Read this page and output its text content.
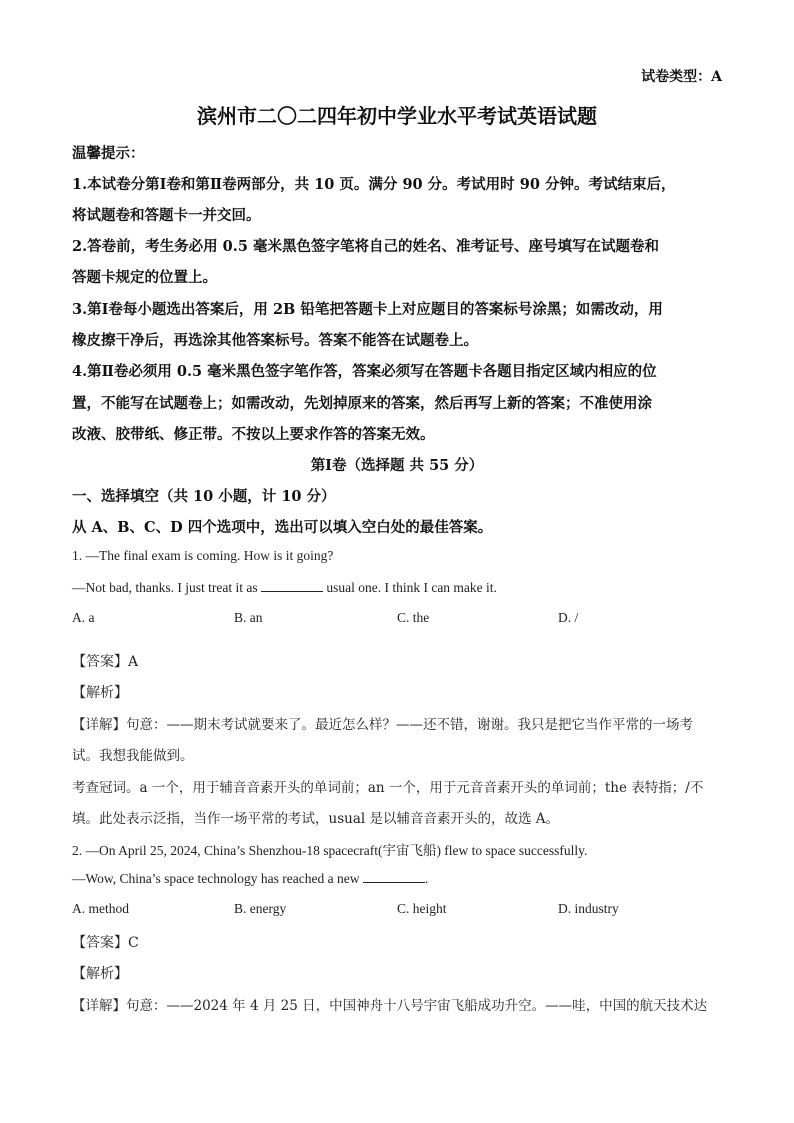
试卷类型：A
滨州市二〇二四年初中学业水平考试英语试题
温馨提示：
1.本试卷分第Ⅰ卷和第Ⅱ卷两部分，共 10 页。满分 90 分。考试用时 90 分钟。考试结束后，
将试题卷和答题卡一并交回。
2.答卷前，考生务必用 0.5 毫米黑色签字笔将自己的姓名、准考证号、座号填写在试题卷和
答题卡规定的位置上。
3.第Ⅰ卷每小题选出答案后，用 2B 铅笔把答题卡上对应题目的答案标号涂黑；如需改动，用
橡皮擦干净后，再选涂其他答案标号。答案不能答在试题卷上。
4.第Ⅱ卷必须用 0.5 毫米黑色签字笔作答，答案必须写在答题卡各题目指定区域内相应的位
置，不能写在试题卷上；如需改动，先划掉原来的答案，然后再写上新的答案；不准使用涂
改液、胶带纸、修正带。不按以上要求作答的答案无效。
第Ⅰ卷（选择题 共 55 分）
一、选择填空（共 10 小题，计 10 分）
从 A、B、C、D 四个选项中，选出可以填入空白处的最佳答案。
1. —The final exam is coming. How is it going?
—Not bad, thanks. I just treat it as	usual one. I think I can make it.
A. a	B. an	C. the	D. /
【答案】A
【解析】
【详解】句意：——期末考试就要来了。最近怎么样？——还不错，谢谢。我只是把它当作平常的一场考
试。我想我能做到。
考查冠词。a 一个，用于辅音音素开头的单词前；an 一个，用于元音音素开头的单词前；the 表特指；/不
填。此处表示泛指，当作一场平常的考试，usual 是以辅音音素开头的，故选 A。
2. —On April 25, 2024, China’s Shenzhou-18 spacecraft(宇宙飞船) flew to space successfully.
—Wow, China’s space technology has reached a new	.
A. method	B. energy	C. height	D. industry
【答案】C
【解析】
【详解】句意：——2024 年 4 月 25 日，中国神舟十八号宇宙飞船成功升空。——哇，中国的航天技术达
